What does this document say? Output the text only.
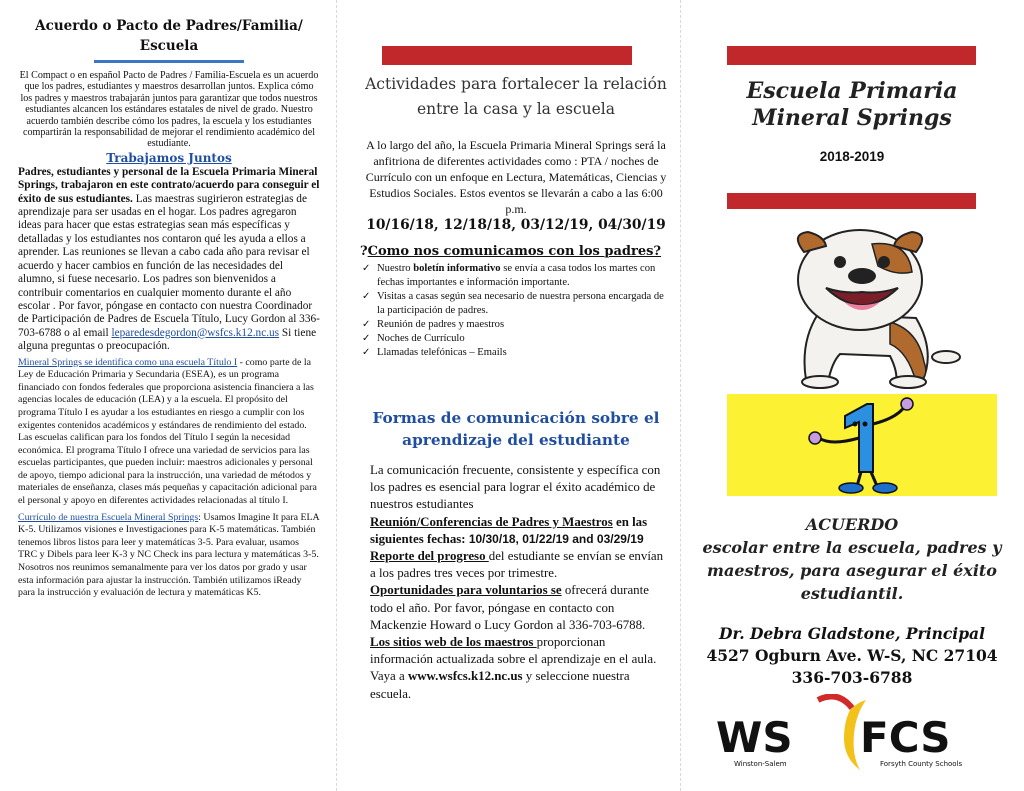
Acuerdo o Pacto de Padres/Familia/ Escuela
El Compact o en español Pacto de Padres / Familia-Escuela es un acuerdo que los padres, estudiantes y maestros desarrollan juntos. Explica cómo los padres y maestros trabajarán juntos para garantizar que todos nuestros estudiantes alcancen los estándares estatales de nivel de grado. Nuestro acuerdo también describe cómo los padres, la escuela y los estudiantes compartirán la responsabilidad de mejorar el rendimiento académico del estudiante.
Trabajamos Juntos
Padres, estudiantes y personal de la Escuela Primaria Mineral Springs, trabajaron en este contrato/acuerdo para conseguir el éxito de sus estudiantes. Las maestras sugirieron estrategias de aprendizaje para ser usadas en el hogar. Los padres agregaron ideas para hacer que estas estrategias sean más específicas y detalladas y los estudiantes nos contaron qué les ayuda a ellos a aprender. Las reuniones se llevan a cabo cada año para revisar el acuerdo y hacer cambios en función de las necesidades del alumno, si fuese necesario. Los padres son bienvenidos a contribuir comentarios en cualquier momento durante el año escolar . Por favor, póngase en contacto con nuestra Coordinador de Participación de Padres de Escuela Título, Lucy Gordon al 336-703-6788 o al email leparedesdegordon@wsfcs.k12.nc.us Si tiene alguna preguntas o preocupación.
Mineral Springs se identifica como una escuela Título I - como parte de la Ley de Educación Primaria y Secundaria (ESEA), es un programa financiado con fondos federales que proporciona asistencia financiera a las agencias locales de educación (LEA) y a la escuela. El propósito del programa Título I es ayudar a los estudiantes en riesgo a cumplir con los exigentes contenidos académicos y estándares de rendimiento del estado. Las escuelas califican para los fondos del Título I según la necesidad económica. El programa Título I ofrece una variedad de servicios para las escuelas participantes, que pueden incluir: maestros adicionales y personal de apoyo, tiempo adicional para la instrucción, una variedad de métodos y materiales de enseñanza, clases más pequeñas y capacitación adicional para el personal y apoyo en diferentes actividades relacionadas al título I.
Currículo de nuestra Escuela Mineral Springs: Usamos Imagine It para ELA K-5. Utilizamos visiones e Investigaciones para K-5 matemáticas. También tenemos libros listos para leer y matemáticas 3-5. Para evaluar, usamos TRC y Dibels para leer K-3 y NC Check ins para lectura y matemáticas 3-5. Nosotros nos reunimos semanalmente para ver los datos por grado y usar esta información para ajustar la instrucción. También utilizamos iReady para la instrucción y evaluación de lectura y matemáticas K5.
Actividades para fortalecer la relación entre la casa y la escuela
A lo largo del año, la Escuela Primaria Mineral Springs será la anfitriona de diferentes actividades como : PTA / noches de Currículo con un enfoque en Lectura, Matemáticas, Ciencias y Estudios Sociales. Estos eventos se llevarán a cabo a las 6:00 p.m.
10/16/18, 12/18/18, 03/12/19, 04/30/19
?Como nos comunicamos con los padres?
✓ Nuestro boletín informativo se envía a casa todos los martes con fechas importantes e información importante.
✓ Visitas a casas según sea necesario de nuestra persona encargada de la participación de padres.
✓ Reunión de padres y maestros
✓ Noches de Currículo
✓ Llamadas telefónicas – Emails
Formas de comunicación sobre el aprendizaje del estudiante
La comunicación frecuente, consistente y específica con los padres es esencial para lograr el éxito académico de nuestros estudiantes
Reunión/Conferencias de Padres y Maestros en las siguientes fechas: 10/30/18, 01/22/19 and 03/29/19
Reporte del progreso del estudiante se envían se envían a los padres tres veces por trimestre.
Oportunidades para voluntarios se ofrecerá durante todo el año. Por favor, póngase en contacto con Mackenzie Howard o Lucy Gordon al 336-703-6788.
Los sitios web de los maestros proporcionan información actualizada sobre el aprendizaje en el aula. Vaya a www.wsfcs.k12.nc.us y seleccione nuestra escuela.
Escuela Primaria Mineral Springs
2018-2019
ACUERDO
escolar entre la escuela, padres y maestros, para asegurar el éxito estudiantil.
Dr. Debra Gladstone, Principal
4527 Ogburn Ave. W-S, NC 27104
336-703-6788
WS FCS
Winston-Salem	Forsyth County Schools
